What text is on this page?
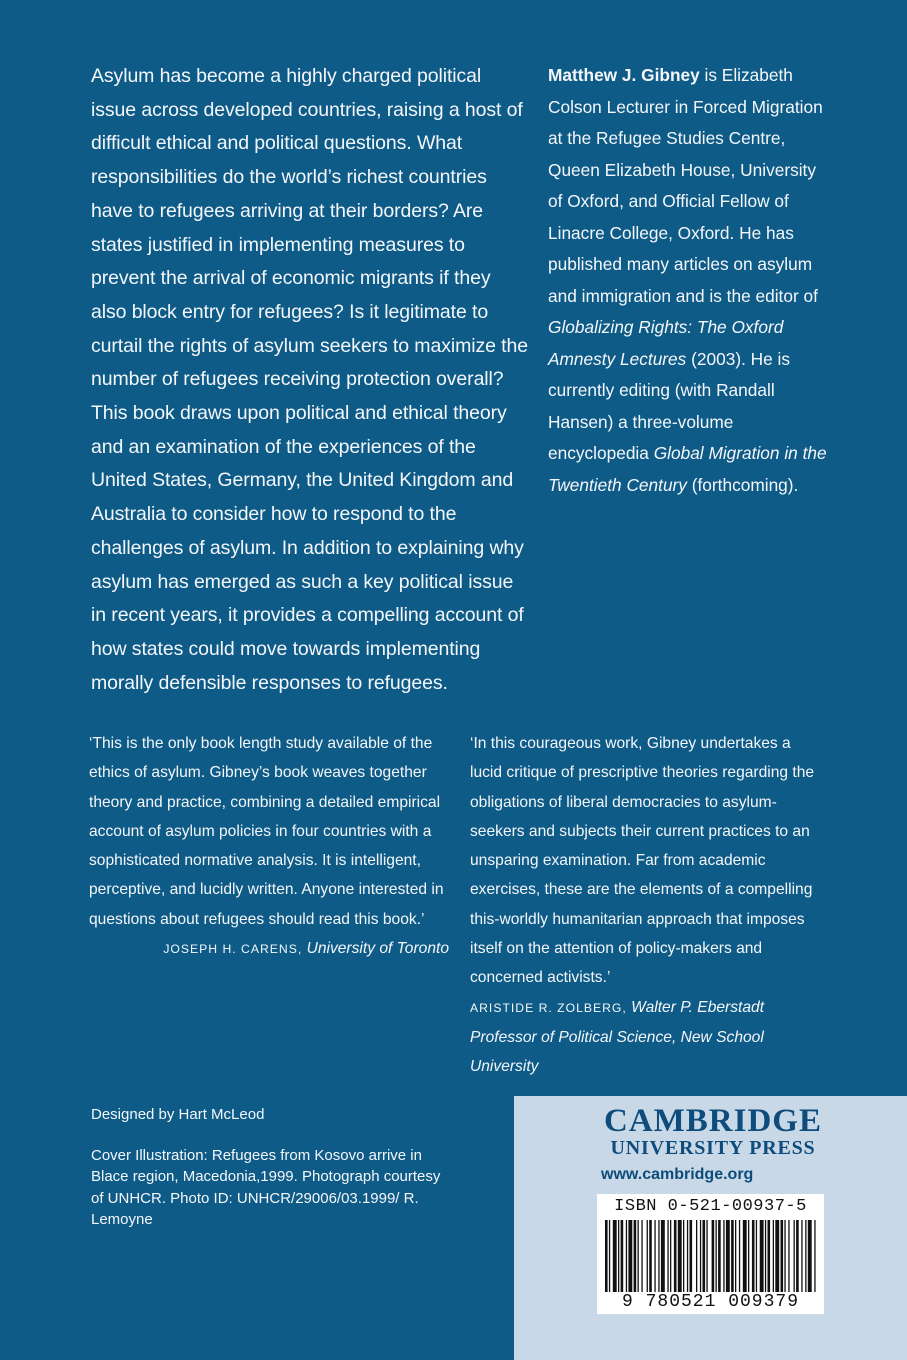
Asylum has become a highly charged political issue across developed countries, raising a host of difficult ethical and political questions. What responsibilities do the world’s richest countries have to refugees arriving at their borders? Are states justified in implementing measures to prevent the arrival of economic migrants if they also block entry for refugees? Is it legitimate to curtail the rights of asylum seekers to maximize the number of refugees receiving protection overall? This book draws upon political and ethical theory and an examination of the experiences of the United States, Germany, the United Kingdom and Australia to consider how to respond to the challenges of asylum. In addition to explaining why asylum has emerged as such a key political issue in recent years, it provides a compelling account of how states could move towards implementing morally defensible responses to refugees.
Matthew J. Gibney is Elizabeth Colson Lecturer in Forced Migration at the Refugee Studies Centre, Queen Elizabeth House, University of Oxford, and Official Fellow of Linacre College, Oxford. He has published many articles on asylum and immigration and is the editor of Globalizing Rights: The Oxford Amnesty Lectures (2003). He is currently editing (with Randall Hansen) a three-volume encyclopedia Global Migration in the Twentieth Century (forthcoming).

‘This is the only book length study available of the ethics of asylum. Gibney’s book weaves together theory and practice, combining a detailed empirical account of asylum policies in four countries with a sophisticated normative analysis. It is intelligent, perceptive, and lucidly written. Anyone interested in questions about refugees should read this book.’

JOSEPH H. CARENS, University of Toronto

‘In this courageous work, Gibney undertakes a lucid critique of prescriptive theories regarding the obligations of liberal democracies to asylum-seekers and subjects their current practices to an unsparing examination. Far from academic exercises, these are the elements of a compelling this-worldly humanitarian approach that imposes itself on the attention of policy-makers and concerned activists.’

ARISTIDE R. ZOLBERG, Walter P. Eberstadt Professor of Political Science, New School University

Designed by Hart McLeod

Cover Illustration: Refugees from Kosovo arrive in Blace region, Macedonia,1999. Photograph courtesy of UNHCR. Photo ID: UNHCR/29006/03.1999/ R. Lemoyne

CAMBRIDGE
UNIVERSITY PRESS
www.cambridge.org
ISBN 0-521-00937-5
9 780521 009379
